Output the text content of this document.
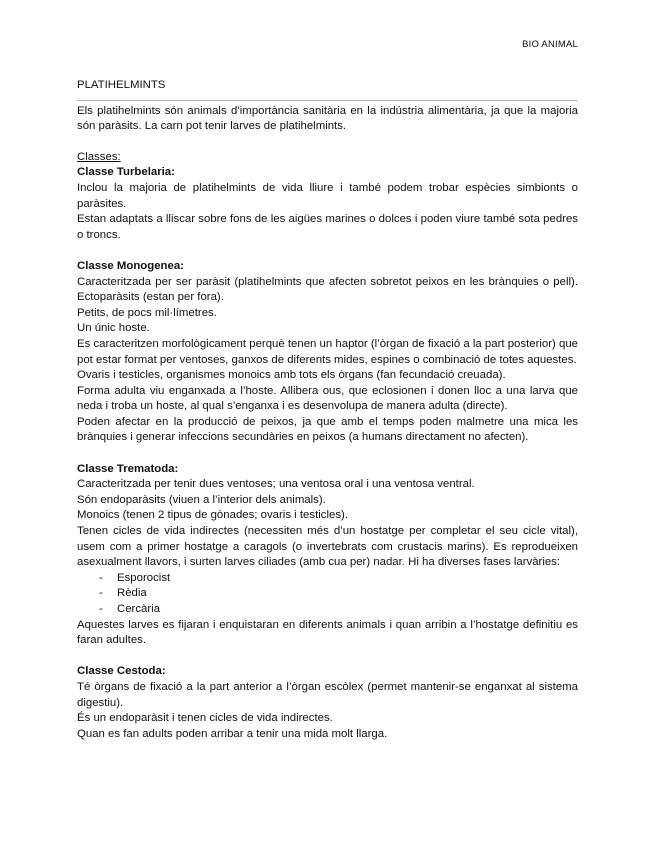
BIO ANIMAL
PLATIHELMINTS

Els platihelmints són animals d’importància sanitària en la indústria alimentària, ja que la majoria són paràsits. La carn pot tenir larves de platihelmints.

Classes:

Classe Turbelaria:

Inclou la majoria de platihelmints de vida lliure i també podem trobar espècies simbionts o paràsites.

Estan adaptats a lliscar sobre fons de les aigües marines o dolces i poden viure també sota pedres o troncs.

Classe Monogenea:

Caracteritzada per ser paràsit (platihelmints que afecten sobretot peixos en les brànquies o pell). Ectoparàsits (estan per fora).

Petits, de pocs mil·límetres.

Un únic hoste.

Es caracteritzen morfològicament perquè tenen un haptor (l’òrgan de fixació a la part posterior) que pot estar format per ventoses, ganxos de diferents mides, espines o combinació de totes aquestes.

Ovaris i testicles, organismes monoics amb tots els òrgans (fan fecundació creuada).

Forma adulta viu enganxada a l’hoste. Allibera ous, que eclosionen i donen lloc a una larva que neda i troba un hoste, al qual s’enganxa i es desenvolupa de manera adulta (directe).

Poden afectar en la producció de peixos, ja que amb el temps poden malmetre una mica les brànquies i generar infeccions secundàries en peixos (a humans directament no afecten).

Classe Trematoda:

Caracteritzada per tenir dues ventoses; una ventosa oral i una ventosa ventral.

Són endoparàsits (viuen a l’interior dels animals).

Monoics (tenen 2 tipus de gònades; ovaris i testicles).

Tenen cicles de vida indirectes (necessiten més d’un hostatge per completar el seu cicle vital), usem com a primer hostatge a caragols (o invertebrats com crustacis marins). Es reprodueixen asexualment llavors, i surten larves ciliades (amb cua per) nadar. Hi ha diverses fases larvàries:

- Esporocist
- Rèdia
- Cercària

Aquestes larves es fijaran i enquistaran en diferents animals i quan arribin a l’hostatge definitiu es faran adultes.

Classe Cestoda:

Té òrgans de fixació a la part anterior a l’òrgan escòlex (permet mantenir-se enganxat al sistema digestiu).

És un endoparàsit i tenen cicles de vida indirectes.

Quan es fan adults poden arribar a tenir una mida molt llarga.
